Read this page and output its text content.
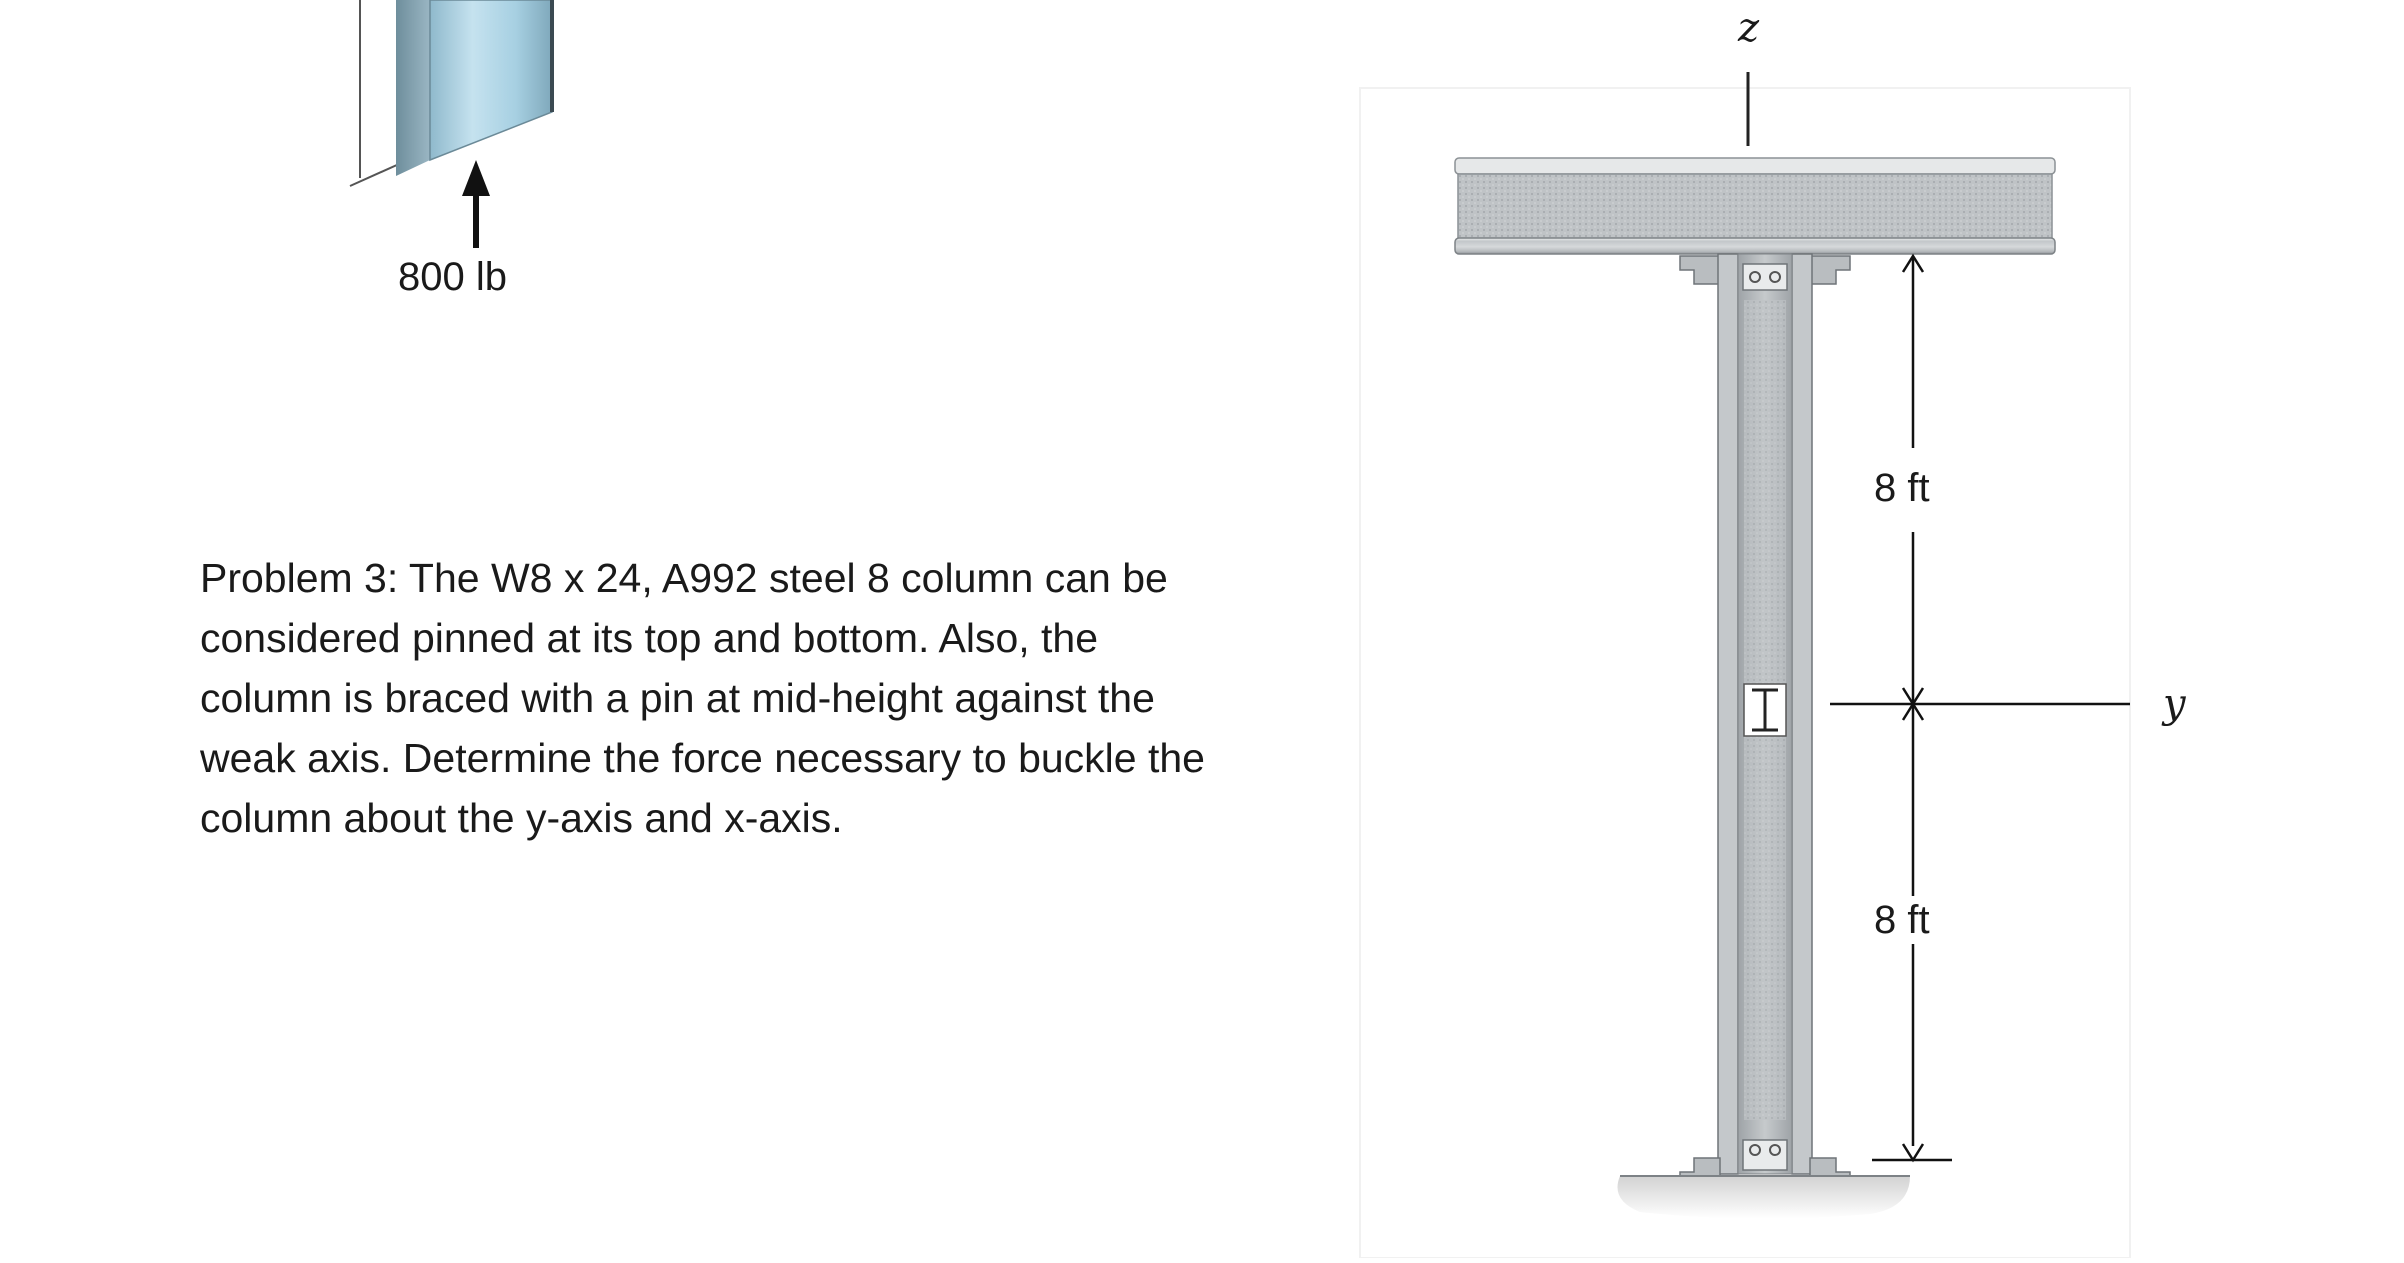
800 lb
Problem 3: The W8 x 24, A992 steel 8 column can be
considered pinned at its top and bottom. Also, the
column is braced with a pin at mid-height against the
weak axis. Determine the force necessary to buckle the
column about the y-axis and x-axis.
z
y
8 ft
8 ft
